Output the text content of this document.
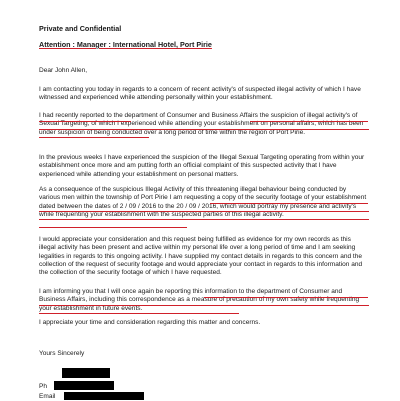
Private and Confidential
Attention : Manager : International Hotel, Port Pirie
Dear John Allen,
I am contacting you today in regards to a concern of recent activity's of suspected illegal activity of which I have witnessed and experienced while attending personally within your establishment.
I had recently reported to the department of Consumer and Business Affairs the suspicion of illegal activity's of Sexual Targeting, of which I experienced while attending your establishment on personal affairs, which has been under suspicion of being conducted over a long period of time within the region of Port Pirie.
In the previous weeks I have experienced the suspicion of the Illegal Sexual Targeting operating from within your establishment once more and am putting forth an official complaint of this suspected activity that I have experienced while attending your establishment on personal matters.
As a consequence of the suspicious Illegal Activity of this threatening illegal behaviour being conducted by various men within the township of Port Pirie I am requesting a copy of the security footage of your establishment dated between the dates of 2 / 09 / 2016 to the 20 / 09 / 2016, which would portray my presence and activity's while frequenting your establishment with the suspected parties of this illegal activity.
I would appreciate your consideration and this request being fulfilled as evidence for my own records as this illegal activity has been present and active within my personal life over a long period of time and I am seeking legalities in regards to this ongoing activity. I have supplied my contact details in regards to this concern and the collection of the request of security footage and would appreciate your contact in regards to this information and the collection of the security footage of which I have requested.
I am informing you that I will once again be reporting this information to the department of Consumer and Business Affairs, including this correspondence as a measure of precaution of my own safety while frequenting your establishment in future events.
I appreciate your time and consideration regarding this matter and concerns.
Yours Sincerely
Ph
Email
